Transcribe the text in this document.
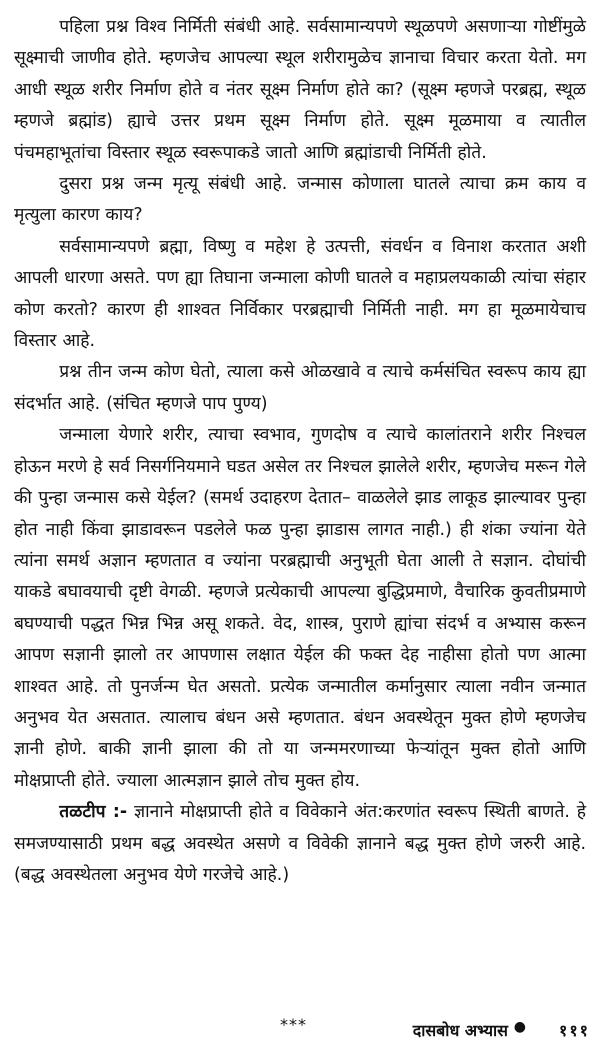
पहिला प्रश्न विश्व निर्मिती संबंधी आहे. सर्वसामान्यपणे स्थूळपणे असणाऱ्या गोष्टींमुळे सूक्ष्माची जाणीव होते. म्हणजेच आपल्या स्थूल शरीरामुळेच ज्ञानाचा विचार करता येतो. मग आधी स्थूळ शरीर निर्माण होते व नंतर सूक्ष्म निर्माण होते का? (सूक्ष्म म्हणजे परब्रह्म, स्थूळ म्हणजे ब्रह्मांड) ह्याचे उत्तर प्रथम सूक्ष्म निर्माण होते. सूक्ष्म मूळमाया व त्यातील पंचमहाभूतांचा विस्तार स्थूळ स्वरूपाकडे जातो आणि ब्रह्मांडाची निर्मिती होते.

दुसरा प्रश्न जन्म मृत्यू संबंधी आहे. जन्मास कोणाला घातले त्याचा क्रम काय व मृत्युला कारण काय?

सर्वसामान्यपणे ब्रह्मा, विष्णु व महेश हे उत्पत्ती, संवर्धन व विनाश करतात अशी आपली धारणा असते. पण ह्या तिघाना जन्माला कोणी घातले व महाप्रलयकाळी त्यांचा संहार कोण करतो? कारण ही शाश्वत निर्विकार परब्रह्माची निर्मिती नाही. मग हा मूळमायेचाच विस्तार आहे.

प्रश्न तीन जन्म कोण घेतो, त्याला कसे ओळखावे व त्याचे कर्मसंचित स्वरूप काय ह्या संदर्भात आहे. (संचित म्हणजे पाप पुण्य)

जन्माला येणारे शरीर, त्याचा स्वभाव, गुणदोष व त्याचे कालांतराने शरीर निश्चल होऊन मरणे हे सर्व निसर्गनियमाने घडत असेल तर निश्चल झालेले शरीर, म्हणजेच मरून गेले की पुन्हा जन्मास कसे येईल? (समर्थ उदाहरण देतात– वाळलेले झाड लाकूड झाल्यावर पुन्हा होत नाही किंवा झाडावरून पडलेले फळ पुन्हा झाडास लागत नाही.) ही शंका ज्यांना येते त्यांना समर्थ अज्ञान म्हणतात व ज्यांना परब्रह्माची अनुभूती घेता आली ते सज्ञान. दोघांची याकडे बघावयाची दृष्टी वेगळी. म्हणजे प्रत्येकाची आपल्या बुद्धिप्रमाणे, वैचारिक कुवतीप्रमाणे बघण्याची पद्धत भिन्न भिन्न असू शकते. वेद, शास्त्र, पुराणे ह्यांचा संदर्भ व अभ्यास करून आपण सज्ञानी झालो तर आपणास लक्षात येईल की फक्त देह नाहीसा होतो पण आत्मा शाश्वत आहे. तो पुनर्जन्म घेत असतो. प्रत्येक जन्मातील कर्मानुसार त्याला नवीन जन्मात अनुभव येत असतात. त्यालाच बंधन असे म्हणतात. बंधन अवस्थेतून मुक्त होणे म्हणजेच ज्ञानी होणे. बाकी ज्ञानी झाला की तो या जन्ममरणाच्या फेऱ्यांतून मुक्त होतो आणि मोक्षप्राप्ती होते. ज्याला आत्मज्ञान झाले तोच मुक्त होय.

तळटीप :- ज्ञानाने मोक्षप्राप्ती होते व विवेकाने अंत:करणांत स्वरूप स्थिती बाणते. हे समजण्यासाठी प्रथम बद्ध अवस्थेत असणे व विवेकी ज्ञानाने बद्ध मुक्त होणे जरुरी आहे. (बद्ध अवस्थेतला अनुभव येणे गरजेचे आहे.)

***	दासबोध अभ्यास ● १११
